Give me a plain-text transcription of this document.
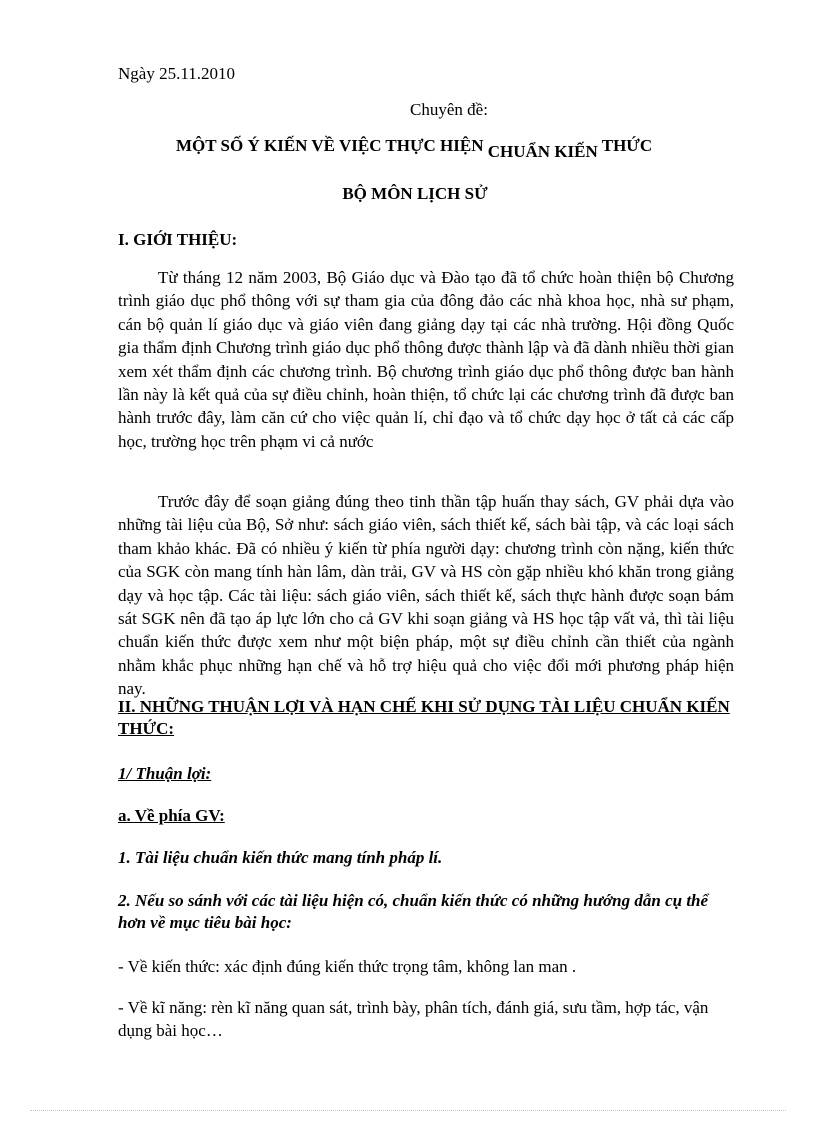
Ngày 25.11.2010
Chuyên đề:
MỘT SỐ Ý KIẾN VỀ VIỆC THỰC HIỆN CHUẨN KIẾN THỨC
BỘ MÔN LỊCH SỬ
I. GIỚI THIỆU:
Từ tháng 12 năm 2003, Bộ Giáo dục và Đào tạo đã tổ chức hoàn thiện bộ Chương trình giáo dục phổ thông với sự tham gia của đông đảo các nhà khoa học, nhà sư phạm, cán bộ quản lí giáo dục và giáo viên đang giảng dạy tại các nhà trường. Hội đồng Quốc gia thẩm định Chương trình giáo dục phổ thông được thành lập và đã dành nhiều thời gian xem xét thẩm định các chương trình. Bộ chương trình giáo dục phổ thông được ban hành lần này là kết quả của sự điều chỉnh, hoàn thiện, tổ chức lại các chương trình đã được ban hành trước đây, làm căn cứ cho việc quản lí, chỉ đạo và tổ chức dạy học ở tất cả các cấp học, trường học trên phạm vi cả nước
Trước đây để soạn giảng đúng theo tinh thần tập huấn thay sách, GV phải dựa vào những tài liệu của Bộ, Sở như: sách giáo viên, sách thiết kế, sách bài tập, và các loại sách tham khảo khác. Đã có nhiều ý kiến từ phía người dạy: chương trình còn nặng, kiến thức của SGK còn mang tính hàn lâm, dàn trải, GV và HS còn gặp nhiều khó khăn trong giảng dạy và học tập. Các tài liệu: sách giáo viên, sách thiết kế, sách thực hành được soạn bám sát SGK nên đã tạo áp lực lớn cho cả GV khi soạn giảng và HS học tập vất vả, thì tài liệu chuẩn kiến thức được xem như một biện pháp, một sự điều chỉnh cần thiết của ngành nhằm khắc phục những hạn chế và hỗ trợ hiệu quả cho việc đổi mới phương pháp hiện nay.
II. NHỮNG THUẬN LỢI VÀ HẠN CHẾ KHI SỬ DỤNG TÀI LIỆU CHUẨN KIẾN THỨC:
1/ Thuận lợi:
a. Về phía GV:
1. Tài liệu chuẩn kiến thức mang tính pháp lí.
2. Nếu so sánh với các tài liệu hiện có, chuẩn kiến thức có những hướng dẫn cụ thể hơn về mục tiêu bài học:
- Về kiến thức: xác định đúng kiến thức trọng tâm, không lan man .
- Về kĩ năng: rèn kĩ năng quan sát, trình bày, phân tích, đánh giá, sưu tầm, hợp tác, vận dụng bài học…
